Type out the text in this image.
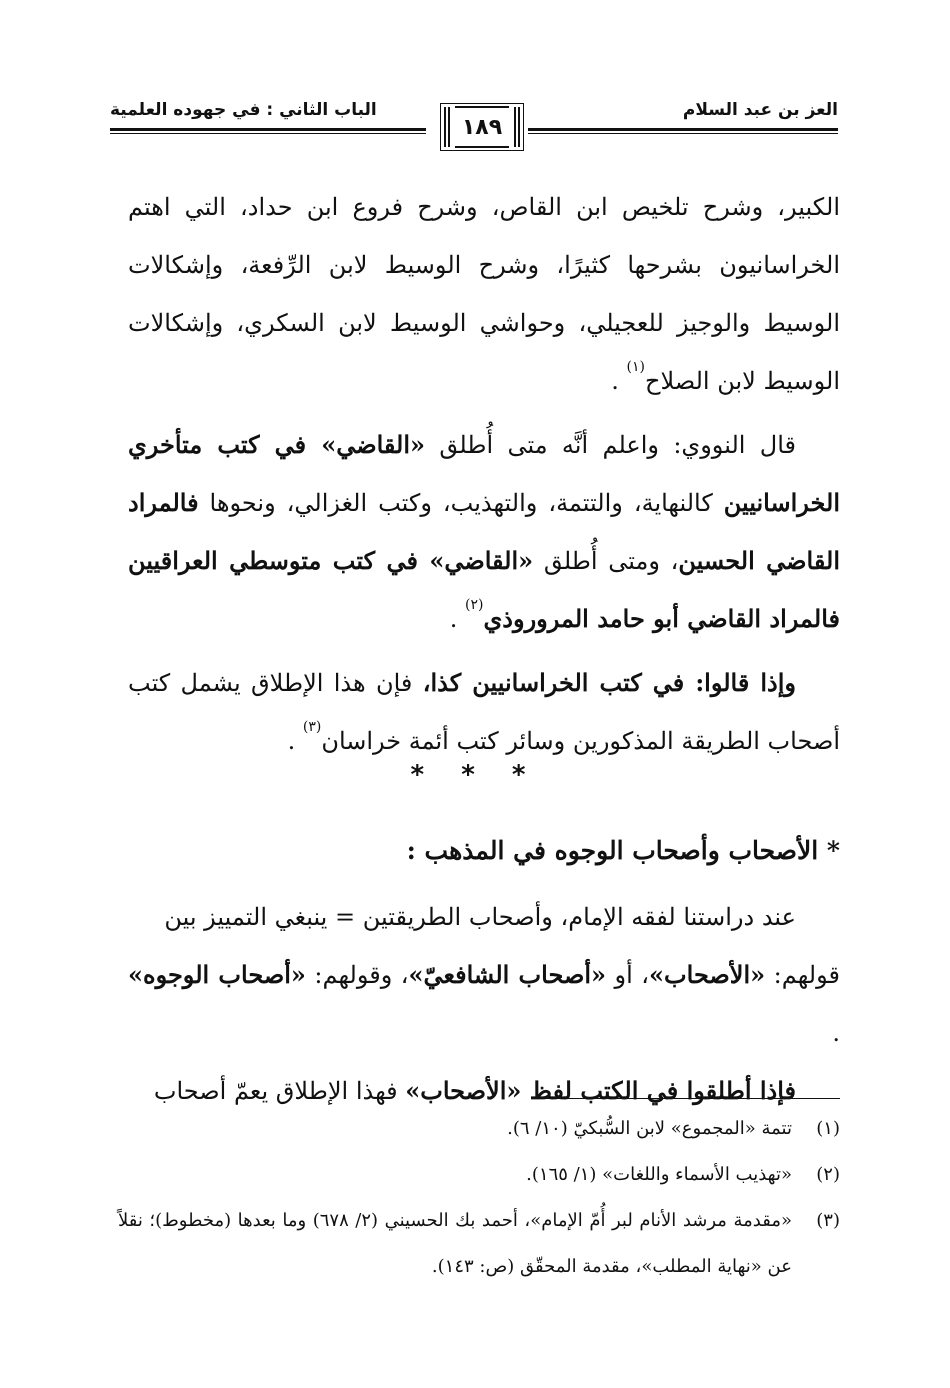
العز بن عبد السلام
الباب الثاني : في جهوده العلمية
١٨٩

الكبير، وشرح تلخيص ابن القاص، وشرح فروع ابن حداد، التي اهتم الخراسانيون بشرحها كثيرًا، وشرح الوسيط لابن الرِّفعة، وإشكالات الوسيط والوجيز للعجيلي، وحواشي الوسيط لابن السكري، وإشكالات الوسيط لابن الصلاح$^{(١)}$ .

قال النووي: واعلم أنَّه متى أُطلق «القاضي» في كتب متأخري الخراسانيين كالنهاية، والتتمة، والتهذيب، وكتب الغزالي، ونحوها فالمراد القاضي الحسين، ومتى أُطلق «القاضي» في كتب متوسطي العراقيين فالمراد القاضي أبو حامد المروروذي$^{(٢)}$ .

وإذا قالوا: في كتب الخراسانيين كذا، فإن هذا الإطلاق يشمل كتب أصحاب الطريقة المذكورين وسائر كتب أئمة خراسان$^{(٣)}$ .

* * *
* الأصحاب وأصحاب الوجوه في المذهب :

عند دراستنا لفقه الإمام، وأصحاب الطريقتين = ينبغي التمييز بين

قولهم: «الأصحاب»، أو «أصحاب الشافعيّ»، وقولهم: «أصحاب الوجوه» .

فإذا أطلقوا في الكتب لفظ «الأصحاب» فهذا الإطلاق يعمّ أصحاب

(١)
تتمة «المجموع» لابن السُّبكيّ (١٠/ ٦).
(٢)
«تهذيب الأسماء واللغات» (١/ ١٦٥).
(٣)
«مقدمة مرشد الأنام لبر أُمّ الإمام»، أحمد بك الحسيني (٢/ ٦٧٨) وما بعدها (مخطوط)؛ نقلاً عن «نهاية المطلب»، مقدمة المحقّق (ص: ١٤٣).
